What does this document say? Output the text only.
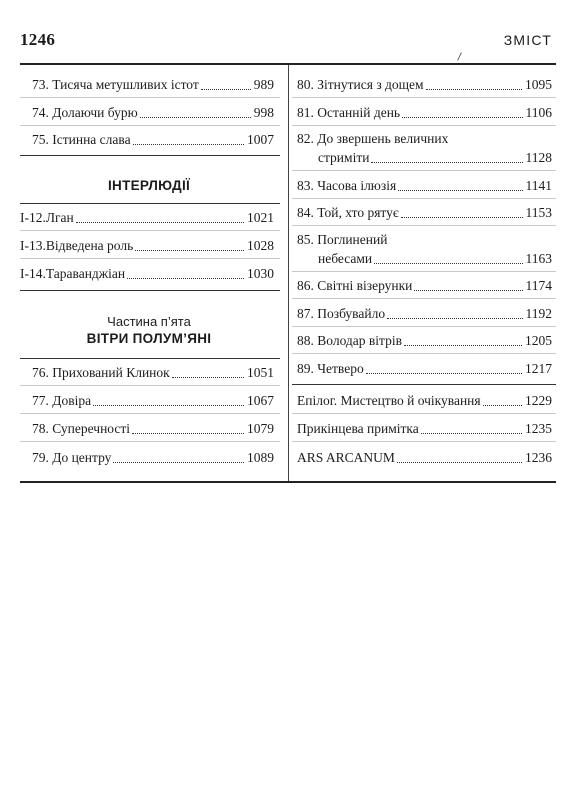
1246	ЗМІСТ
73. Тисяча метушливих істот	989
74. Долаючи бурю	998
75. Істинна слава	1007
ІНТЕРЛЮДІЇ
І-12.Лган	1021
І-13.Відведена роль	1028
І-14.Тараванджіан	1030
Частина п’ята
ВІТРИ ПОЛУМ’ЯНІ
76. Прихований Клинок	1051
77. Довіра	1067
78. Суперечності	1079
79. До центру	1089
80. Зітнутися з дощем	1095
81. Останній день	1106
82. До звершень величних
стриміти	1128
83. Часова ілюзія	1141
84. Той, хто рятує	1153
85. Поглинений
небесами	1163
86. Світні візерунки	1174
87. Позбувайло	1192
88. Володар вітрів	1205
89. Четверо	1217
Епілог. Мистецтво й очікування	1229
Прикінцева примітка	1235
ARS ARCANUM	1236
